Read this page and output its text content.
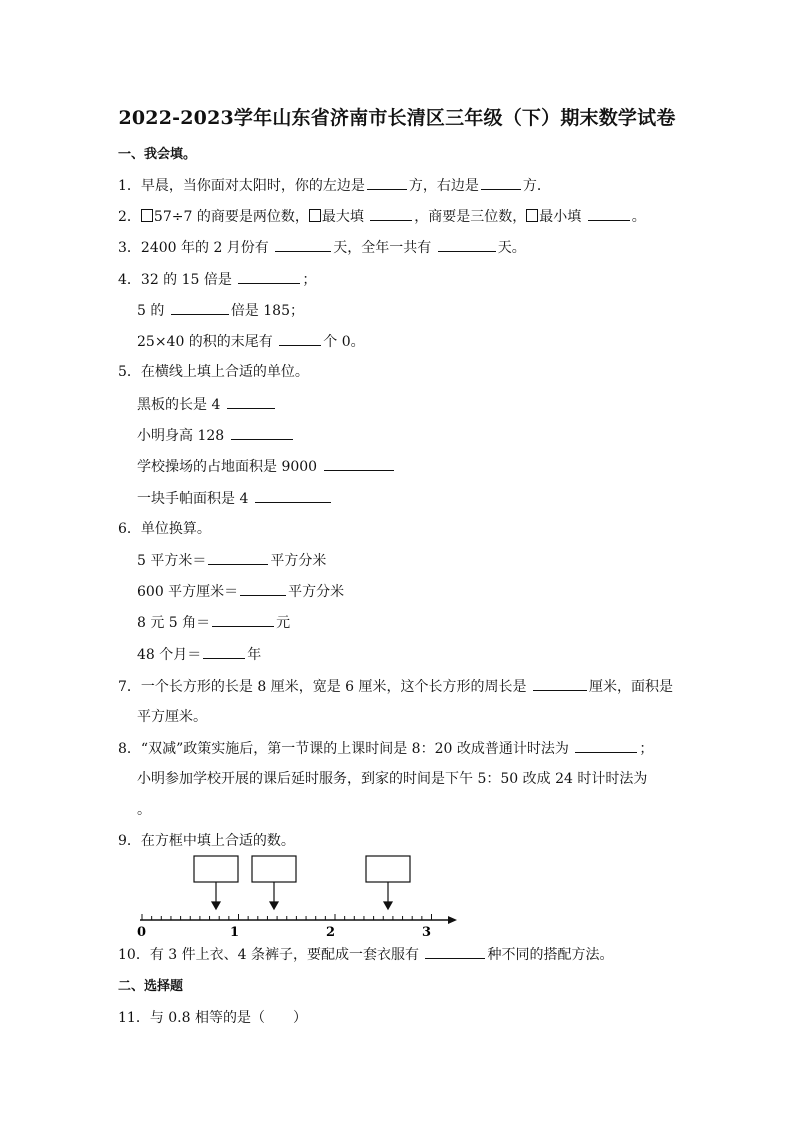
2022-2023学年山东省济南市长清区三年级（下）期末数学试卷
一、我会填。
1．早晨，当你面对太阳时，你的左边是	方，右边是	方．
2． 57÷7 的商要是两位数， 最大填	，商要是三位数， 最小填	。
3．2400 年的 2 月份有	天，全年一共有	天。
4．32 的 15 倍是	；
5 的	倍是 185；
25×40 的积的末尾有	个 0。
5．在横线上填上合适的单位。
黑板的长是 4
小明身高 128
学校操场的占地面积是 9000
一块手帕面积是 4
6．单位换算。
5 平方米＝	平方分米
600 平方厘米＝	平方分米
8 元 5 角＝	元
48 个月＝	年
7．一个长方形的长是 8 厘米，宽是 6 厘米，这个长方形的周长是	厘米，面积是
平方厘米。
8．“双减”政策实施后，第一节课的上课时间是 8：20 改成普通计时法为	；
小明参加学校开展的课后延时服务，到家的时间是下午 5：50 改成 24 时计时法为
。
9．在方框中填上合适的数。
0	1	2	3
10．有 3 件上衣、4 条裤子，要配成一套衣服有	种不同的搭配方法。
二、选择题
11．与 0.8 相等的是（　　）
